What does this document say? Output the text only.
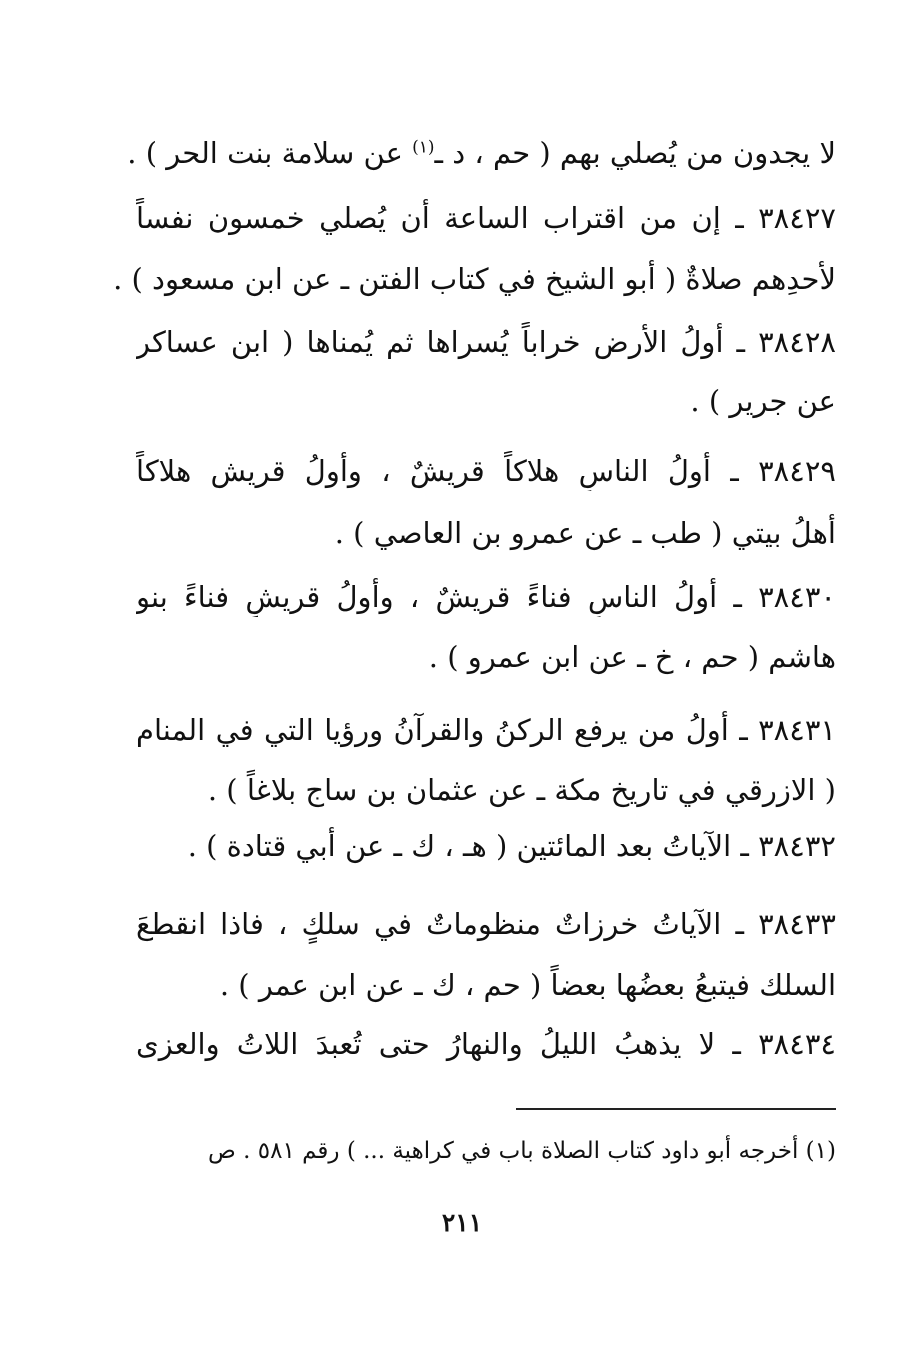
لا يجدون من يُصلي بهم ( حم ، د ـ$^{(١)}$ عن سلامة بنت الحر ) .
٣٨٤٢٧ ـ إن من اقتراب الساعة أن يُصلي خمسون نفساً
لأحدِهم صلاةٌ ( أبو الشيخ في كتاب الفتن ـ عن ابن مسعود ) .
٣٨٤٢٨ ـ أولُ الأرضِ خراباً يُسراها ثم يُمناها ( ابن عساكر
عن جرير ) .
٣٨٤٢٩ ـ أولُ الناسِ هلاكاً قريشٌ ، وأولُ قريش هلاكاً
أهلُ بيتي ( طب ـ عن عمرو بن العاصي ) .
٣٨٤٣٠ ـ أولُ الناسِ فناءً قريشٌ ، وأولُ قريشٍ فناءً بنو
هاشم ( حم ، خ ـ عن ابن عمرو ) .
٣٨٤٣١ ـ أولُ من يرفع الركنُ والقرآنُ ورؤيا التي في المنام
( الازرقي في تاريخ مكة ـ عن عثمان بن ساج بلاغاً ) .
٣٨٤٣٢ ـ الآياتُ بعد المائتين ( هـ ، ك ـ عن أبي قتادة ) .
٣٨٤٣٣ ـ الآياتُ خرزاتٌ منظوماتٌ في سلكٍ ، فاذا انقطعَ
السلك فيتبعُ بعضُها بعضاً ( حم ، ك ـ عن ابن عمر ) .
٣٨٤٣٤ ـ لا يذهبُ الليلُ والنهارُ حتى تُعبدَ اللاتُ والعزى
(١) أخرجه أبو داود كتاب الصلاة باب في كراهية ... ) رقم ٥٨١ . ص
٢١١
